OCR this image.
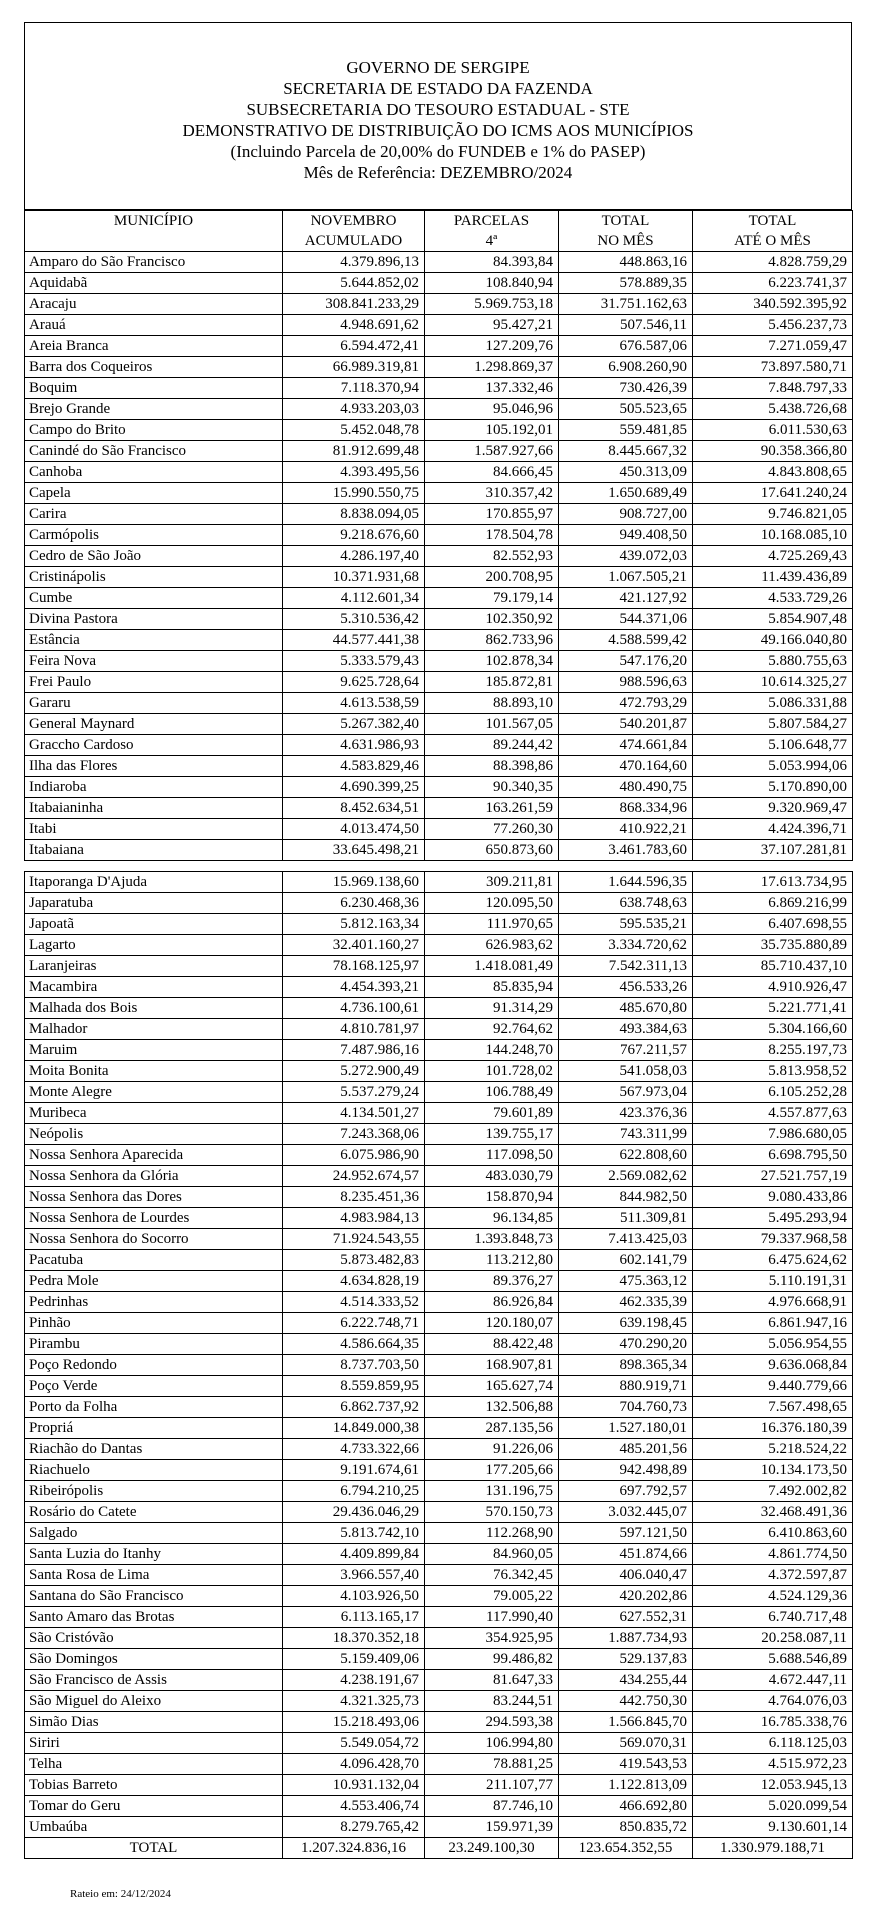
GOVERNO DE SERGIPE
SECRETARIA DE ESTADO DA FAZENDA
SUBSECRETARIA DO TESOURO ESTADUAL - STE
DEMONSTRATIVO DE DISTRIBUIÇÃO DO ICMS AOS MUNICÍPIOS
(Incluindo Parcela de 20,00% do FUNDEB e 1% do PASEP)
Mês de Referência: DEZEMBRO/2024
MUNICÍPIO	NOVEMBRO	PARCELAS	TOTAL	TOTAL
	ACUMULADO	4ª	NO MÊS	ATÉ O MÊS
Amparo do São Francisco	4.379.896,13	84.393,84	448.863,16	4.828.759,29
Aquidabã	5.644.852,02	108.840,94	578.889,35	6.223.741,37
Aracaju	308.841.233,29	5.969.753,18	31.751.162,63	340.592.395,92
Arauá	4.948.691,62	95.427,21	507.546,11	5.456.237,73
Areia Branca	6.594.472,41	127.209,76	676.587,06	7.271.059,47
Barra dos Coqueiros	66.989.319,81	1.298.869,37	6.908.260,90	73.897.580,71
Boquim	7.118.370,94	137.332,46	730.426,39	7.848.797,33
Brejo Grande	4.933.203,03	95.046,96	505.523,65	5.438.726,68
Campo do Brito	5.452.048,78	105.192,01	559.481,85	6.011.530,63
Canindé do São Francisco	81.912.699,48	1.587.927,66	8.445.667,32	90.358.366,80
Canhoba	4.393.495,56	84.666,45	450.313,09	4.843.808,65
Capela	15.990.550,75	310.357,42	1.650.689,49	17.641.240,24
Carira	8.838.094,05	170.855,97	908.727,00	9.746.821,05
Carmópolis	9.218.676,60	178.504,78	949.408,50	10.168.085,10
Cedro de São João	4.286.197,40	82.552,93	439.072,03	4.725.269,43
Cristinápolis	10.371.931,68	200.708,95	1.067.505,21	11.439.436,89
Cumbe	4.112.601,34	79.179,14	421.127,92	4.533.729,26
Divina Pastora	5.310.536,42	102.350,92	544.371,06	5.854.907,48
Estância	44.577.441,38	862.733,96	4.588.599,42	49.166.040,80
Feira Nova	5.333.579,43	102.878,34	547.176,20	5.880.755,63
Frei Paulo	9.625.728,64	185.872,81	988.596,63	10.614.325,27
Gararu	4.613.538,59	88.893,10	472.793,29	5.086.331,88
General Maynard	5.267.382,40	101.567,05	540.201,87	5.807.584,27
Graccho Cardoso	4.631.986,93	89.244,42	474.661,84	5.106.648,77
Ilha das Flores	4.583.829,46	88.398,86	470.164,60	5.053.994,06
Indiaroba	4.690.399,25	90.340,35	480.490,75	5.170.890,00
Itabaianinha	8.452.634,51	163.261,59	868.334,96	9.320.969,47
Itabi	4.013.474,50	77.260,30	410.922,21	4.424.396,71
Itabaiana	33.645.498,21	650.873,60	3.461.783,60	37.107.281,81
Itaporanga D'Ajuda	15.969.138,60	309.211,81	1.644.596,35	17.613.734,95
Japaratuba	6.230.468,36	120.095,50	638.748,63	6.869.216,99
Japoatã	5.812.163,34	111.970,65	595.535,21	6.407.698,55
Lagarto	32.401.160,27	626.983,62	3.334.720,62	35.735.880,89
Laranjeiras	78.168.125,97	1.418.081,49	7.542.311,13	85.710.437,10
Macambira	4.454.393,21	85.835,94	456.533,26	4.910.926,47
Malhada dos Bois	4.736.100,61	91.314,29	485.670,80	5.221.771,41
Malhador	4.810.781,97	92.764,62	493.384,63	5.304.166,60
Maruim	7.487.986,16	144.248,70	767.211,57	8.255.197,73
Moita Bonita	5.272.900,49	101.728,02	541.058,03	5.813.958,52
Monte Alegre	5.537.279,24	106.788,49	567.973,04	6.105.252,28
Muribeca	4.134.501,27	79.601,89	423.376,36	4.557.877,63
Neópolis	7.243.368,06	139.755,17	743.311,99	7.986.680,05
Nossa Senhora Aparecida	6.075.986,90	117.098,50	622.808,60	6.698.795,50
Nossa Senhora da Glória	24.952.674,57	483.030,79	2.569.082,62	27.521.757,19
Nossa Senhora das Dores	8.235.451,36	158.870,94	844.982,50	9.080.433,86
Nossa Senhora de Lourdes	4.983.984,13	96.134,85	511.309,81	5.495.293,94
Nossa Senhora do Socorro	71.924.543,55	1.393.848,73	7.413.425,03	79.337.968,58
Pacatuba	5.873.482,83	113.212,80	602.141,79	6.475.624,62
Pedra Mole	4.634.828,19	89.376,27	475.363,12	5.110.191,31
Pedrinhas	4.514.333,52	86.926,84	462.335,39	4.976.668,91
Pinhão	6.222.748,71	120.180,07	639.198,45	6.861.947,16
Pirambu	4.586.664,35	88.422,48	470.290,20	5.056.954,55
Poço Redondo	8.737.703,50	168.907,81	898.365,34	9.636.068,84
Poço Verde	8.559.859,95	165.627,74	880.919,71	9.440.779,66
Porto da Folha	6.862.737,92	132.506,88	704.760,73	7.567.498,65
Propriá	14.849.000,38	287.135,56	1.527.180,01	16.376.180,39
Riachão do Dantas	4.733.322,66	91.226,06	485.201,56	5.218.524,22
Riachuelo	9.191.674,61	177.205,66	942.498,89	10.134.173,50
Ribeirópolis	6.794.210,25	131.196,75	697.792,57	7.492.002,82
Rosário do Catete	29.436.046,29	570.150,73	3.032.445,07	32.468.491,36
Salgado	5.813.742,10	112.268,90	597.121,50	6.410.863,60
Santa Luzia do Itanhy	4.409.899,84	84.960,05	451.874,66	4.861.774,50
Santa Rosa de Lima	3.966.557,40	76.342,45	406.040,47	4.372.597,87
Santana do São Francisco	4.103.926,50	79.005,22	420.202,86	4.524.129,36
Santo Amaro das Brotas	6.113.165,17	117.990,40	627.552,31	6.740.717,48
São Cristóvão	18.370.352,18	354.925,95	1.887.734,93	20.258.087,11
São Domingos	5.159.409,06	99.486,82	529.137,83	5.688.546,89
São Francisco de Assis	4.238.191,67	81.647,33	434.255,44	4.672.447,11
São Miguel do Aleixo	4.321.325,73	83.244,51	442.750,30	4.764.076,03
Simão Dias	15.218.493,06	294.593,38	1.566.845,70	16.785.338,76
Siriri	5.549.054,72	106.994,80	569.070,31	6.118.125,03
Telha	4.096.428,70	78.881,25	419.543,53	4.515.972,23
Tobias Barreto	10.931.132,04	211.107,77	1.122.813,09	12.053.945,13
Tomar do Geru	4.553.406,74	87.746,10	466.692,80	5.020.099,54
Umbaúba	8.279.765,42	159.971,39	850.835,72	9.130.601,14
TOTAL	1.207.324.836,16	23.249.100,30	123.654.352,55	1.330.979.188,71
Rateio em: 24/12/2024
